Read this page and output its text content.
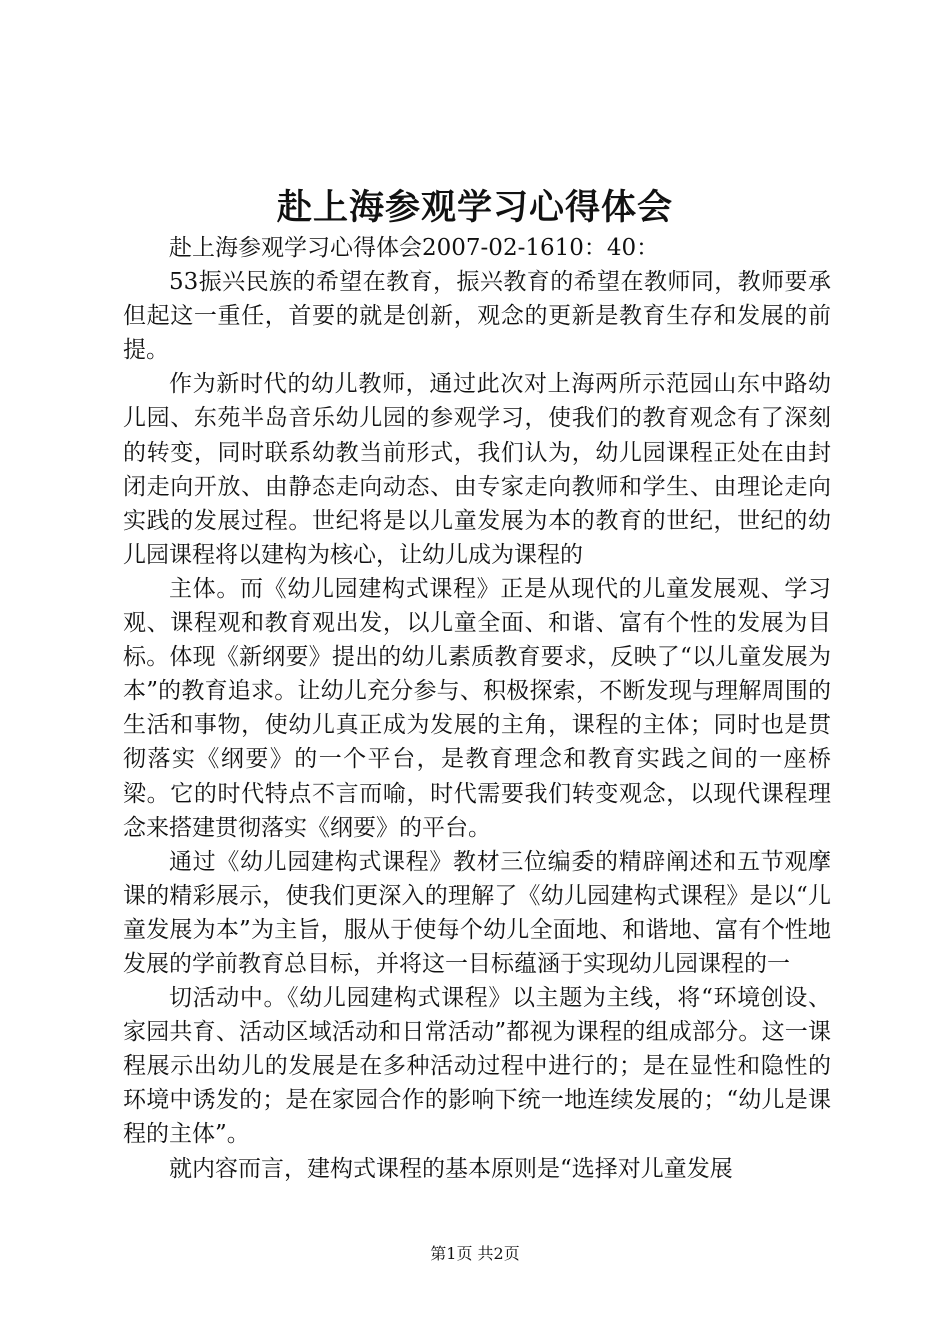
赴上海参观学习心得体会

赴上海参观学习心得体会2007-02-1610：40：

53振兴民族的希望在教育，振兴教育的希望在教师同，教师要承但起这一重任，首要的就是创新，观念的更新是教育生存和发展的前提。

作为新时代的幼儿教师，通过此次对上海两所示范园山东中路幼儿园、东苑半岛音乐幼儿园的参观学习，使我们的教育观念有了深刻的转变，同时联系幼教当前形式，我们认为，幼儿园课程正处在由封闭走向开放、由静态走向动态、由专家走向教师和学生、由理论走向实践的发展过程。世纪将是以儿童发展为本的教育的世纪，世纪的幼儿园课程将以建构为核心，让幼儿成为课程的

主体。而《幼儿园建构式课程》正是从现代的儿童发展观、学习观、课程观和教育观出发，以儿童全面、和谐、富有个性的发展为目标。体现《新纲要》提出的幼儿素质教育要求，反映了“以儿童发展为本”的教育追求。让幼儿充分参与、积极探索，不断发现与理解周围的生活和事物，使幼儿真正成为发展的主角，课程的主体；同时也是贯彻落实《纲要》的一个平台，是教育理念和教育实践之间的一座桥梁。它的时代特点不言而喻，时代需要我们转变观念，以现代课程理念来搭建贯彻落实《纲要》的平台。

通过《幼儿园建构式课程》教材三位编委的精辟阐述和五节观摩课的精彩展示，使我们更深入的理解了《幼儿园建构式课程》是以“儿童发展为本”为主旨，服从于使每个幼儿全面地、和谐地、富有个性地发展的学前教育总目标，并将这一目标蕴涵于实现幼儿园课程的一

切活动中。《幼儿园建构式课程》以主题为主线，将“环境创设、家园共育、活动区域活动和日常活动”都视为课程的组成部分。这一课程展示出幼儿的发展是在多种活动过程中进行的；是在显性和隐性的环境中诱发的；是在家园合作的影响下统一地连续发展的；“幼儿是课程的主体”。

就内容而言，建构式课程的基本原则是“选择对儿童发展

第1页 共2页
